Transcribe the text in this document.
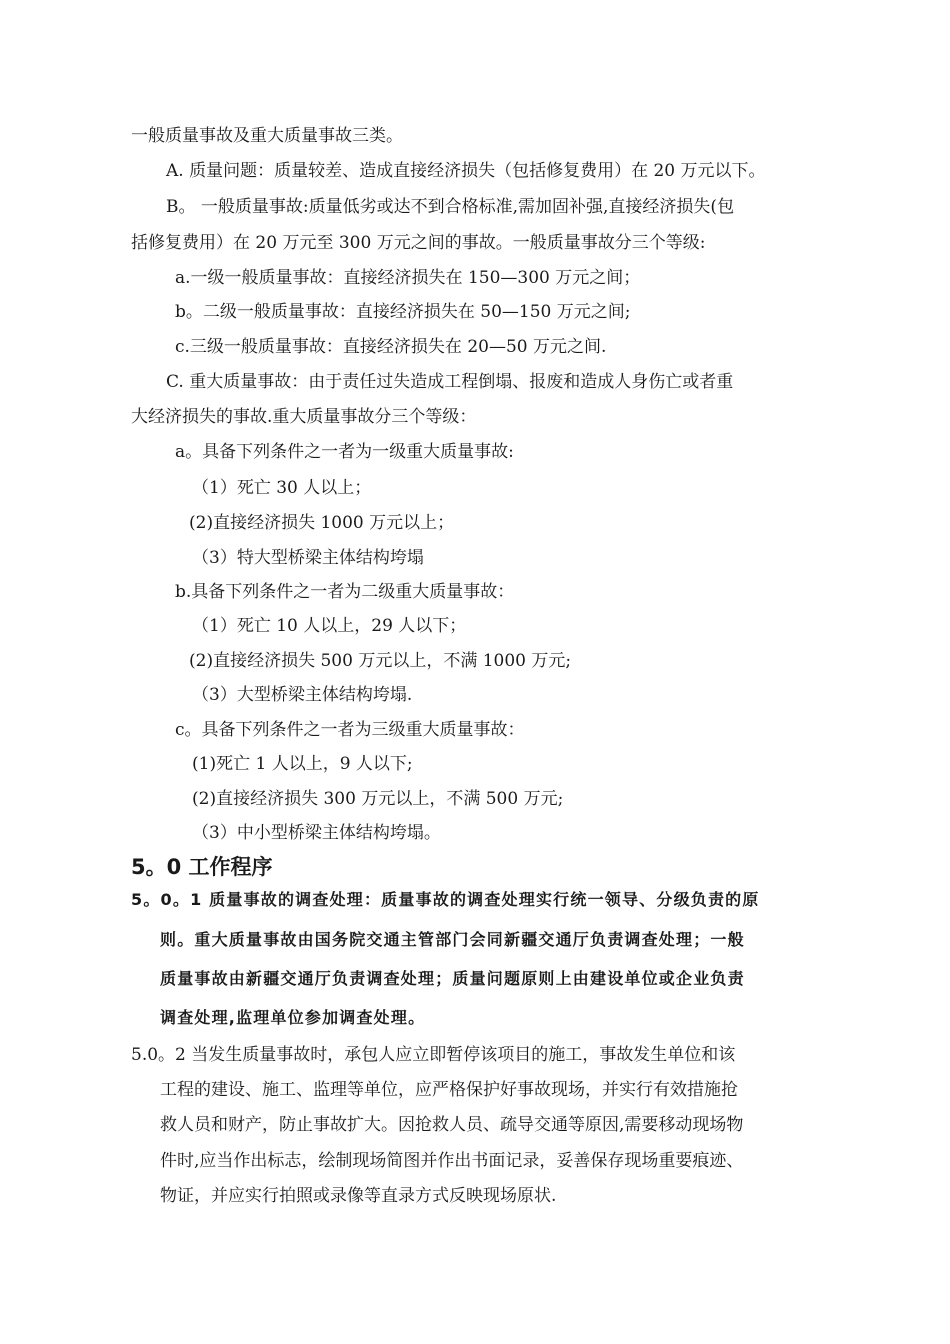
一般质量事故及重大质量事故三类。
A. 质量问题：质量较差、造成直接经济损失（包括修复费用）在 20 万元以下。
B。 一般质量事故:质量低劣或达不到合格标准,需加固补强,直接经济损失(包
括修复费用）在 20 万元至 300 万元之间的事故。一般质量事故分三个等级:
a.一级一般质量事故：直接经济损失在 150—300 万元之间；
b。二级一般质量事故：直接经济损失在 50—150 万元之间;
c.三级一般质量事故：直接经济损失在 20—50 万元之间.
C. 重大质量事故：由于责任过失造成工程倒塌、报废和造成人身伤亡或者重
大经济损失的事故.重大质量事故分三个等级：
a。具备下列条件之一者为一级重大质量事故:
（1）死亡 30 人以上；
(2)直接经济损失 1000 万元以上；
（3）特大型桥梁主体结构垮塌
b.具备下列条件之一者为二级重大质量事故：
（1）死亡 10 人以上，29 人以下；
(2)直接经济损失 500 万元以上，不满 1000 万元;
（3）大型桥梁主体结构垮塌.
c。具备下列条件之一者为三级重大质量事故：
(1)死亡 1 人以上，9 人以下;
(2)直接经济损失 300 万元以上，不满 500 万元;
（3）中小型桥梁主体结构垮塌。
5。0 工作程序
5。0。1 质量事故的调查处理：质量事故的调查处理实行统一领导、分级负责的原
则。重大质量事故由国务院交通主管部门会同新疆交通厅负责调查处理；一般
质量事故由新疆交通厅负责调查处理；质量问题原则上由建设单位或企业负责
调查处理,监理单位参加调查处理。
5.0。2 当发生质量事故时，承包人应立即暂停该项目的施工，事故发生单位和该
工程的建设、施工、监理等单位，应严格保护好事故现场，并实行有效措施抢
救人员和财产，防止事故扩大。因抢救人员、疏导交通等原因,需要移动现场物
件时,应当作出标志，绘制现场简图并作出书面记录，妥善保存现场重要痕迹、
物证，并应实行拍照或录像等直录方式反映现场原状.
